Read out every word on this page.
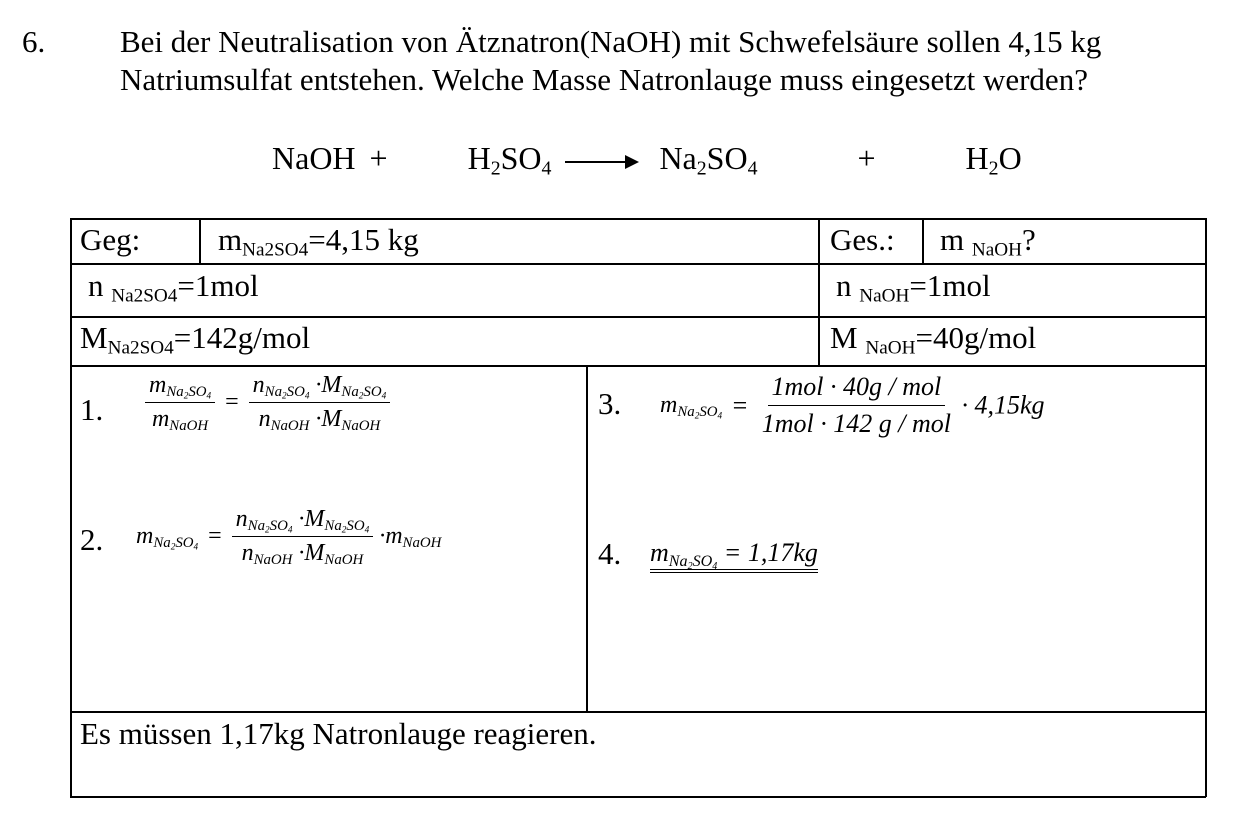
6. Bei der Neutralisation von Ätznatron(NaOH) mit Schwefelsäure sollen 4,15 kg
Natriumsulfat entstehen. Welche Masse Natronlauge muss eingesetzt werden?
NaOH +	$H_2SO_4 \to Na_2SO_4$	+	$H_2O$
Geg:	$m_{Na2SO4}=4,15$ kg	Ges.: m $_{NaOH}$?
n $_{Na2SO4}$=1mol	n $_{NaOH}$=1mol
$M_{Na2SO4}=142g$/mol	M $_{NaOH}$=40g/mol
1. $\frac{m_{Na_2SO_4}}{m_{NaOH}} = \frac{n_{Na_2SO_4} \cdot M_{Na_2SO_4}}{n_{NaOH} \cdot M_{NaOH}}$
2. $m_{Na_2SO_4} = \frac{n_{Na_2SO_4} \cdot M_{Na_2SO_4}}{n_{NaOH} \cdot M_{NaOH}} \cdot m_{NaOH}$
3. $m_{Na_2SO_4} = \frac{\text{1mol · 40g / mol}}{\text{1mol · 142 g / mol}} \cdot 4,15kg$
4. $m_{Na_2SO_4} = 1,17kg$
Es müssen 1,17kg Natronlauge reagieren.
